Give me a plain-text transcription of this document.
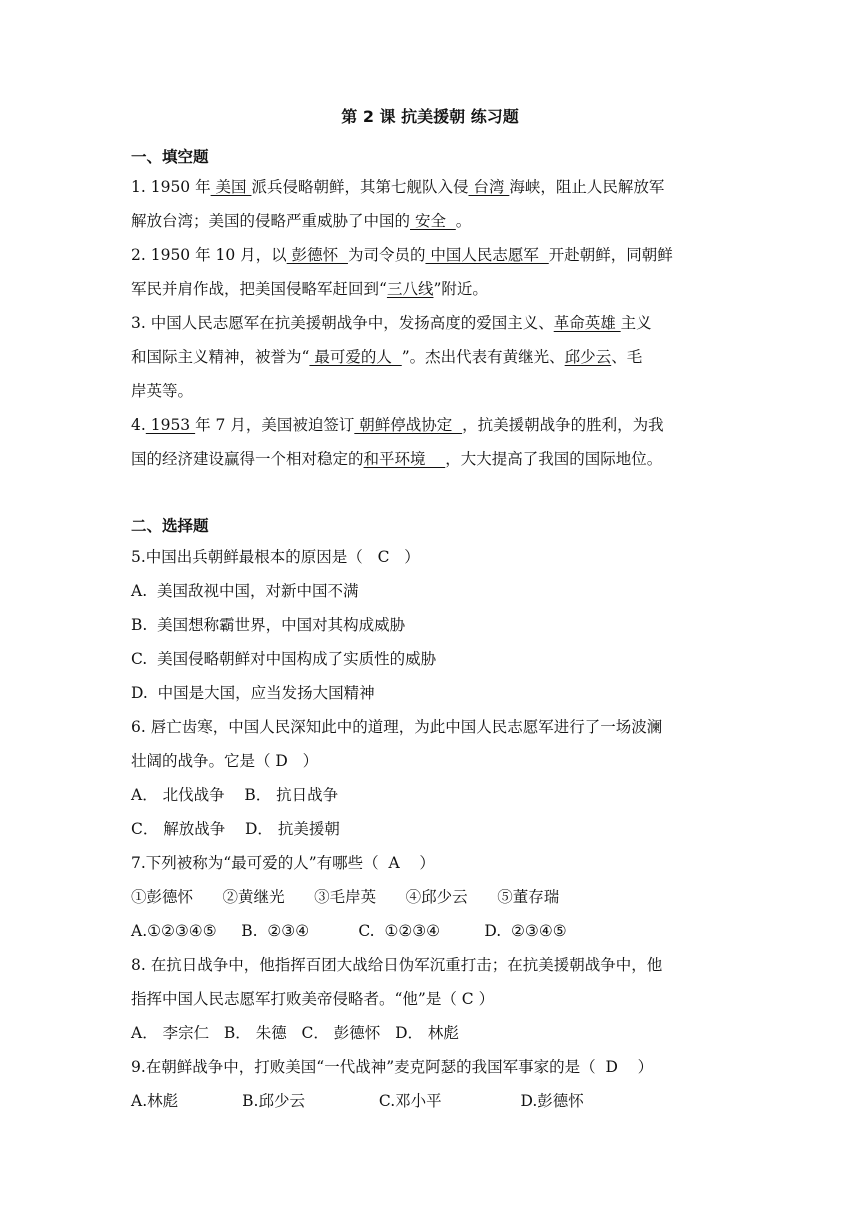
第 2 课 抗美援朝 练习题
一、填空题
1. 1950 年 美国 派兵侵略朝鲜，其第七舰队入侵 台湾 海峡，阻止人民解放军
解放台湾；美国的侵略严重威胁了中国的 安全  。
2. 1950 年 10 月，以 彭德怀  为司令员的 中国人民志愿军  开赴朝鲜，同朝鲜
军民并肩作战，把美国侵略军赶回到“三八线”附近。
3. 中国人民志愿军在抗美援朝战争中，发扬高度的爱国主义、革命英雄 主义
和国际主义精神，被誉为“ 最可爱的人  ”。杰出代表有黄继光、邱少云、毛
岸英等。
4. 1953 年 7 月，美国被迫签订 朝鲜停战协定  ，抗美援朝战争的胜利，为我
国的经济建设赢得一个相对稳定的和平环境    ，大大提高了我国的国际地位。
二、选择题
5.中国出兵朝鲜最根本的原因是（   C   ）
A.  美国敌视中国，对新中国不满
B.  美国想称霸世界，中国对其构成威胁
C.  美国侵略朝鲜对中国构成了实质性的威胁
D.  中国是大国，应当发扬大国精神
6. 唇亡齿寒，中国人民深知此中的道理，为此中国人民志愿军进行了一场波澜
壮阔的战争。它是（ D   ）
A． 北伐战争    B． 抗日战争
C． 解放战争    D． 抗美援朝
7.下列被称为“最可爱的人”有哪些（  A    ）
①彭德怀      ②黄继光      ③毛岸英      ④邱少云      ⑤董存瑞
A.①②③④⑤     B.  ②③④          C.  ①②③④         D.  ②③④⑤
8. 在抗日战争中，他指挥百团大战给日伪军沉重打击；在抗美援朝战争中，他
指挥中国人民志愿军打败美帝侵略者。“他”是（ C ）
A． 李宗仁   B． 朱德   C． 彭德怀   D． 林彪
9.在朝鲜战争中，打败美国“一代战神”麦克阿瑟的我国军事家的是（  D    ）
A.林彪             B.邱少云               C.邓小平                D.彭德怀
